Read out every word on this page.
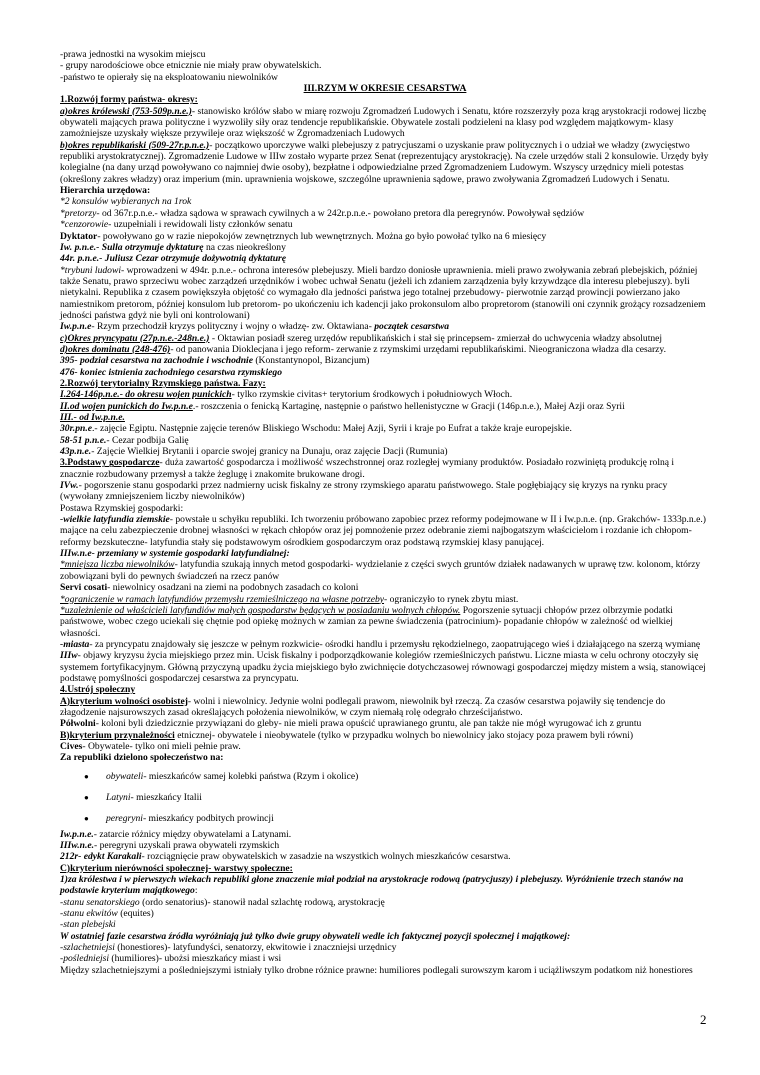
-prawa jednostki na wysokim miejscu

- grupy narodościowe obce etnicznie nie miały praw obywatelskich.

-państwo te opierały się na eksploatowaniu niewolników

III.RZYM W OKRESIE CESARSTWA

1.Rozwój formy państwa- okresy:

a)okres królewski (753-509p.n.e.)- stanowisko królów słabo w miarę rozwoju Zgromadzeń Ludowych i Senatu, które rozszerzyły poza krąg arystokracji rodowej liczbę obywateli mających prawa polityczne i wyzwoliły siły oraz tendencje republikańskie. Obywatele zostali podzieleni na klasy pod względem majątkowym- klasy zamożniejsze uzyskały większe przywileje oraz większość w Zgromadzeniach Ludowych

b)okres republikański (509-27r.p.n.e.)- początkowo uporczywe walki plebejuszy z patrycjuszami o uzyskanie praw politycznych i o udział we władzy (zwycięstwo republiki arystokratycznej). Zgromadzenie Ludowe w IIIw zostało wyparte przez Senat (reprezentujący arystokrację). Na czele urzędów stali 2 konsulowie. Urzędy były kolegialne (na dany urząd powoływano co najmniej dwie osoby), bezpłatne i odpowiedzialne przed Zgromadzeniem Ludowym. Wszyscy urzędnicy mieli potestas (określony zakres władzy) oraz imperium (min. uprawnienia wojskowe, szczególne uprawnienia sądowe, prawo zwoływania Zgromadzeń Ludowych i Senatu. Hierarchia urzędowa:

*2 konsulów wybieranych na 1rok

*pretorzy- od 367r.p.n.e.- władza sądowa w sprawach cywilnych a w 242r.p.n.e.- powołano pretora dla peregrynów. Powoływał sędziów

*cenzorowie- uzupełniali i rewidowali listy członków senatu

Dyktator- powoływano go w razie niepokojów zewnętrznych lub wewnętrznych. Można go było powołać tylko na 6 miesięcy

Iw. p.n.e.- Sulla otrzymuje dyktaturę na czas nieokreślony

44r. p.n.e.- Juliusz Cezar otrzymuje dożywotnią dyktaturę

*trybuni ludowi- wprowadzeni w 494r. p.n.e.- ochrona interesów plebejuszy. Mieli bardzo doniosłe uprawnienia. mieli prawo zwoływania zebrań plebejskich, później także Senatu, prawo sprzeciwu wobec zarządzeń urzędników i wobec uchwał Senatu (jeżeli ich zdaniem zarządzenia były krzywdzące dla interesu plebejuszy). byli nietykalni. Republika z czasem powiększyła objętość co wymagało dla jedności państwa jego totalnej przebudowy- pierwotnie zarząd prowincji powierzano jako namiestnikom pretorom, później konsulom lub pretorom- po ukończeniu ich kadencji jako prokonsulom albo propretorom (stanowili oni czynnik grożący rozsadzeniem jedności państwa gdyż nie byli oni kontrolowani)

Iw.p.n.e- Rzym przechodził kryzys polityczny i wojny o władzę- zw. Oktawiana- początek cesarstwa

c)Okres pryncypatu (27p.n.e.-248n.e.) - Oktawian posiadł szereg urzędów republikańskich i stał się princepsem- zmierzał do uchwycenia władzy absolutnej

d)okres dominatu (248-476)- od panowania Dioklecjana i jego reform- zerwanie z rzymskimi urzędami republikańskimi. Nieograniczona władza dla cesarzy.

395- podział cesarstwa na zachodnie i wschodnie (Konstantynopol, Bizancjum)

476- koniec istnienia zachodniego cesarstwa rzymskiego

2.Rozwój terytorialny Rzymskiego państwa. Fazy:

I.264-146p.n.e.- do okresu wojen punickich- tylko rzymskie civitas+ terytorium środkowych i południowych Włoch.

II.od wojen punickich do Iw.p.n.e.- roszczenia o fenicką Kartaginę, następnie o państwo hellenistyczne w Gracji (146p.n.e.), Małej Azji oraz Syrii

III.- od Iw.p.n.e.

30r.pn.e.- zajęcie Egiptu. Następnie zajęcie terenów Bliskiego Wschodu: Małej Azji, Syrii i kraje po Eufrat a także kraje europejskie.

58-51 p.n.e.- Cezar podbija Galię

43p.n.e.- Zajęcie Wielkiej Brytanii i oparcie swojej granicy na Dunaju, oraz zajęcie Dacji (Rumunia)

3.Podstawy gospodarcze- duża zawartość gospodarcza i możliwość wszechstronnej oraz rozległej wymiany produktów. Posiadało rozwiniętą produkcję rolną i znacznie rozbudowany przemysł a także żeglugę i znakomite brukowane drogi.

IVw.- pogorszenie stanu gospodarki przez nadmierny ucisk fiskalny ze strony rzymskiego aparatu państwowego. Stale pogłębiający się kryzys na rynku pracy (wywołany zmniejszeniem liczby niewolników)

Postawa Rzymskiej gospodarki:

-wielkie latyfundia ziemskie- powstałe u schyłku republiki. Ich tworzeniu próbowano zapobiec przez reformy podejmowane w II i Iw.p.n.e. (np. Grakchów- 1333p.n.e.) mające na celu zabezpieczenie drobnej własności w rękach chłopów oraz jej pomnożenie przez odebranie ziemi najbogatszym właścicielom i rozdanie ich chłopom- reformy bezskuteczne- latyfundia stały się podstawowym ośrodkiem gospodarczym oraz podstawą rzymskiej klasy panującej.

IIIw.n.e- przemiany w systemie gospodarki latyfundialnej:

*mniejsza liczba niewolników- latyfundia szukają innych metod gospodarki- wydzielanie z części swych gruntów działek nadawanych w uprawę tzw. kolonom, którzy zobowiązani byli do pewnych świadczeń na rzecz panów

Servi cosati- niewolnicy osadzani na ziemi na podobnych zasadach co koloni

*ograniczenie w ramach latyfundiów przemysłu rzemieślniczego na własne potrzeby- ograniczyło to rynek zbytu miast.

*uzależnienie od właścicieli latyfundiów małych gospodarstw będących w posiadaniu wolnych chłopów. Pogorszenie sytuacji chłopów przez olbrzymie podatki państwowe, wobec czego uciekali się chętnie pod opiekę możnych w zamian za pewne świadczenia (patrocinium)- popadanie chłopów w zależność od wielkiej własności.

-miasta- za pryncypatu znajdowały się jeszcze w pełnym rozkwicie- ośrodki handlu i przemysłu rękodzielnego, zaopatrującego wieś i działającego na szerzą wymianę

IIIw- objawy kryzysu życia miejskiego przez min. Ucisk fiskalny i podporządkowanie kolegiów rzemieślniczych państwu. Liczne miasta w celu ochrony otoczyły się systemem fortyfikacyjnym. Główną przyczyną upadku życia miejskiego było zwichnięcie dotychczasowej równowagi gospodarczej między mistem a wsią, stanowiącej podstawę pomyślności gospodarczej cesarstwa za pryncypatu.

4.Ustrój społeczny

A)kryterium wolności osobistej- wolni i niewolnicy. Jedynie wolni podlegali prawom, niewolnik był rzeczą. Za czasów cesarstwa pojawiły się tendencje do złagodzenie najsurowszych zasad określających położenia niewolników, w czym niemałą rolę odegrało chrześcijaństwo.

Półwolni- koloni byli dziedzicznie przywiązani do gleby- nie mieli prawa opuścić uprawianego gruntu, ale pan także nie mógł wyrugować ich z gruntu

B)kryterium przynależności etnicznej- obywatele i nieobywatele (tylko w przypadku wolnych bo niewolnicy jako stojacy poza prawem byli równi)

Cives- Obywatele- tylko oni mieli pełnie praw.

Za republiki dzielono społeczeństwo na:

● obywateli- mieszkańców samej kolebki państwa (Rzym i okolice)
● Latyni- mieszkańcy Italii
● peregryni- mieszkańcy podbitych prowincji

Iw.p.n.e.- zatarcie różnicy między obywatelami a Latynami.

IIIw.n.e.- peregryni uzyskali prawa obywateli rzymskich

212r- edykt Karakali- rozciągnięcie praw obywatelskich w zasadzie na wszystkich wolnych mieszkańców cesarstwa.

C)kryterium nierówności społecznej- warstwy społeczne:

1)za królestwa i w pierwszych wiekach republiki głone znaczenie miał podział na arystokracje rodową (patrycjuszy) i plebejuszy. Wyróżnienie trzech stanów na podstawie kryterium majątkowego:

-stanu senatorskiego (ordo senatorius)- stanowił nadal szlachtę rodową, arystokrację

-stanu ekwitów (equites)

-stan plebejski

W ostatniej fazie cesarstwa źródła wyróżniają już tylko dwie grupy obywateli wedle ich faktycznej pozycji społecznej i majątkowej:

-szlachetniejsi (honestiores)- latyfundyści, senatorzy, ekwitowie i znaczniejsi urzędnicy

-pośledniejsi (humiliores)- ubożsi mieszkańcy miast i wsi

Między szlachetniejszymi a pośledniejszymi istniały tylko drobne różnice prawne: humiliores podlegali surowszym karom i uciążliwszym podatkom niż honestiores

2
